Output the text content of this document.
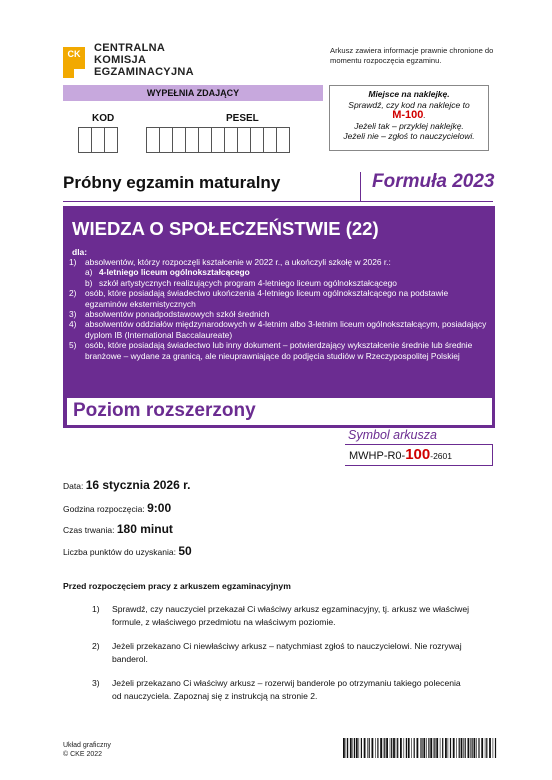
CK	CENTRALNA
KOMISJA
EGZAMINACYJNA
Arkusz zawiera informacje prawnie chronione do momentu rozpoczęcia egzaminu.
WYPEŁNIA ZDAJĄCY
KOD	PESEL
Miejsce na naklejkę.
Sprawdź, czy kod na naklejce to
M-100.
Jeżeli tak – przyklej naklejkę.
Jeżeli nie – zgłoś to nauczycielowi.
Próbny egzamin maturalny	Formuła 2023
WIEDZA O SPOŁECZEŃSTWIE (22)
dla:
1)	absolwentów, którzy rozpoczęli kształcenie w 2022 r., a ukończyli szkołę w 2026 r.:
a) 4-letniego liceum ogólnokształcącego
b) szkół artystycznych realizujących program 4-letniego liceum ogólnokształcącego
2)	osób, które posiadają świadectwo ukończenia 4-letniego liceum ogólnokształcącego na podstawie egzaminów eksternistycznych
3)	absolwentów ponadpodstawowych szkół średnich
4)	absolwentów oddziałów międzynarodowych w 4-letnim albo 3-letnim liceum ogólnokształcącym, posiadający dyplom IB (International Baccalaureate)
5)	osób, które posiadają świadectwo lub inny dokument – potwierdzający wykształcenie średnie lub średnie branżowe – wydane za granicą, ale nieuprawniające do podjęcia studiów w Rzeczypospolitej Polskiej
Poziom rozszerzony
Symbol arkusza
MWHP-R0-100-2601
Data: 16 stycznia 2026 r.
Godzina rozpoczęcia: 9:00
Czas trwania: 180 minut
Liczba punktów do uzyskania: 50
Przed rozpoczęciem pracy z arkuszem egzaminacyjnym
1)	Sprawdź, czy nauczyciel przekazał Ci właściwy arkusz egzaminacyjny, tj. arkusz we właściwej formule, z właściwego przedmiotu na właściwym poziomie.
2)	Jeżeli przekazano Ci niewłaściwy arkusz – natychmiast zgłoś to nauczycielowi. Nie rozrywaj banderol.
3)	Jeżeli przekazano Ci właściwy arkusz – rozerwij banderole po otrzymaniu takiego polecenia od nauczyciela. Zapoznaj się z instrukcją na stronie 2.
Układ graficzny
© CKE 2022
